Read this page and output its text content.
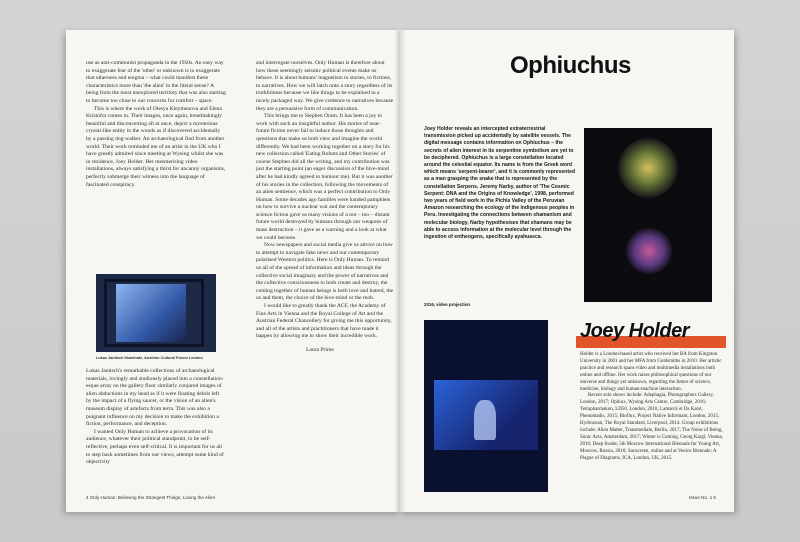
use as anti-communist propaganda in the 1950s. An easy way to exaggerate fear of the 'other' or unknown is to exaggerate that otherness and enigma – what could manifest these characteristics more than 'the alien' in the literal sense? A being from the most unexplored territory that was also starting to become too close to our concerns for comfort – space.

This is where the work of Olesya Kleymenova and Elena Kristofor comes in. Their images, once again, breathtakingly beautiful and disconcerting all at once, depict a mysterious crystal-like entity in the woods as if discovered accidentally by a passing dog-walker. An archaeological find from another world. Their work reminded me of an artist in the UK who I have greatly admired since meeting at Wysing whilst she was in residence, Joey Holder. Her mesmerising video installations, always satisfying a thirst for uncanny organisms, perfectly submerge their witness into the language of fascinated conspiracy.

Lukas Janitsch Illuminate, Austrian Cultural Forum London

Lukas Janitsch's remarkable collections of archaeological materials, lovingly and studiously placed into a constellation-esque array on the gallery floor similarly conjured images of alien abductions in my head as if it were floating debris left by the impact of a flying saucer, or the vision of an alien's museum display of artefacts from terra. This was also a poignant influence on my decision to make the exhibition a fiction, performance, and deception.

I wanted Only Human to achieve a provocation of its audience, whatever their political standpoint, to be self-reflective, perhaps even self-critical. It is important for us all to step back sometimes from our views, attempt some kind of objectivity

and interrogate ourselves. Only Human is therefore about how these seemingly seismic political events make us behave. It is about humans' magnetism to stories, to fictions, to narratives. How we will latch onto a story regardless of its truthfulness because we like things to be explained in a nicely packaged way. We give credence to narratives because they are a persuasive form of communication.

This brings me to Stephen Oram. It has been a joy to work with such an insightful author. His stories of near-future fiction never fail to induce those thoughts and questions that make us both view and imagine the world differently. We had been working together on a story for his new collection called 'Eating Robots and Other Stories' of course Stephen did all the writing, and my contribution was just the starting point (an eager discussion of the hive-mind after he had kindly agreed to humour me). But it was another of his stories in the collection, following the movements of an alien sentience, which was a perfect contribution to Only Human. Some decades ago families were handed pamphlets on how to survive a nuclear war and the contemporary science fiction gave us many visions of a not – too – distant future world destroyed by humans through our weapons of mass destruction – it gave us a warning and a look at what we could become.

Now newspapers and social media give us advice on how to attempt to navigate fake news and our contemporary polarised Western politics. Here is Only Human. To remind us all of the spread of information and ideas through the collective social imaginary and the power of narratives and the collective consciousness to both create and destroy, the coming together of human beings is both love and hatred, the us and them, the choice of the hive-mind or the mob.

I would like to greatly thank the ACF, the Academy of Fine Arts in Vienna and the Royal College of Art and the Austrian Federal Chancellery for giving me this opportunity, and all of the artists and practitioners that have made it happen by allowing me to show their incredible work.

Laura Prime

4 Only Human: Believing the Strangest Things, Loving the Alien
Ophiuchus
Joey Holder reveals an intercepted extraterrestrial transmission picked up accidentally by satellite vessels. The digital message contains information on Ophiuchus – the secrets of alien interest in its serpentine symbolism are yet to be deciphered. Ophiuchus is a large constellation located around the celestial equator. Its name is from the Greek word which means 'serpent-bearer', and it is commonly represented as a man grasping the snake that is represented by the constellation Serpens. Jeremy Narby, author of 'The Cosmic Serpent: DNA and the Origins of Knowledge', 1998, performed two years of field work in the Pichis Valley of the Peruvian Amazon researching the ecology of the indigenous peoples in Peru. Investigating the connections between shamanism and molecular biology, Narby hypothesises that shamans may be able to access information at the molecular level through the ingestion of entheogens, specifically ayahuasca.
2016, video projection
Joey Holder

Holder is a London-based artist who received her BA from Kingston University in 2001 and her MFA from Goldsmiths in 2010. Her artistic practice and research spans video and multimedia installations both online and offline. Her work raises philosophical questions of our universe and things yet unknown, regarding the future of science, medicine, biology and human-machine interaction.

Recent solo shows include: Adephagia, Photographers Gallery, London, 2017; Ophiux, Wysing Arts Centre, Cambridge, 2016; Tetrapharmakon, LD50, London, 2016; Lamarck et Ds Karst, Phenomadis, 2015; Bioflux, Project Native Informant, London, 2015; Hydrozoan, The Royal Standard, Liverpool, 2014. Group exhibitions include: Alien Matter, Transmediale, Berlin, 2017; The Noise of Being, Sonic Acts, Amsterdam, 2017; Winter is Coming, Georg Kargl, Vienna, 2016; Deep Inside, 5th Moscow International Biennale for Young Art, Moscow, Russia, 2016; Sunscreen, online and at Venice Biennale; A Plague of Diagrams, ICA, London, UK, 2015.

Issue No. 1 5
